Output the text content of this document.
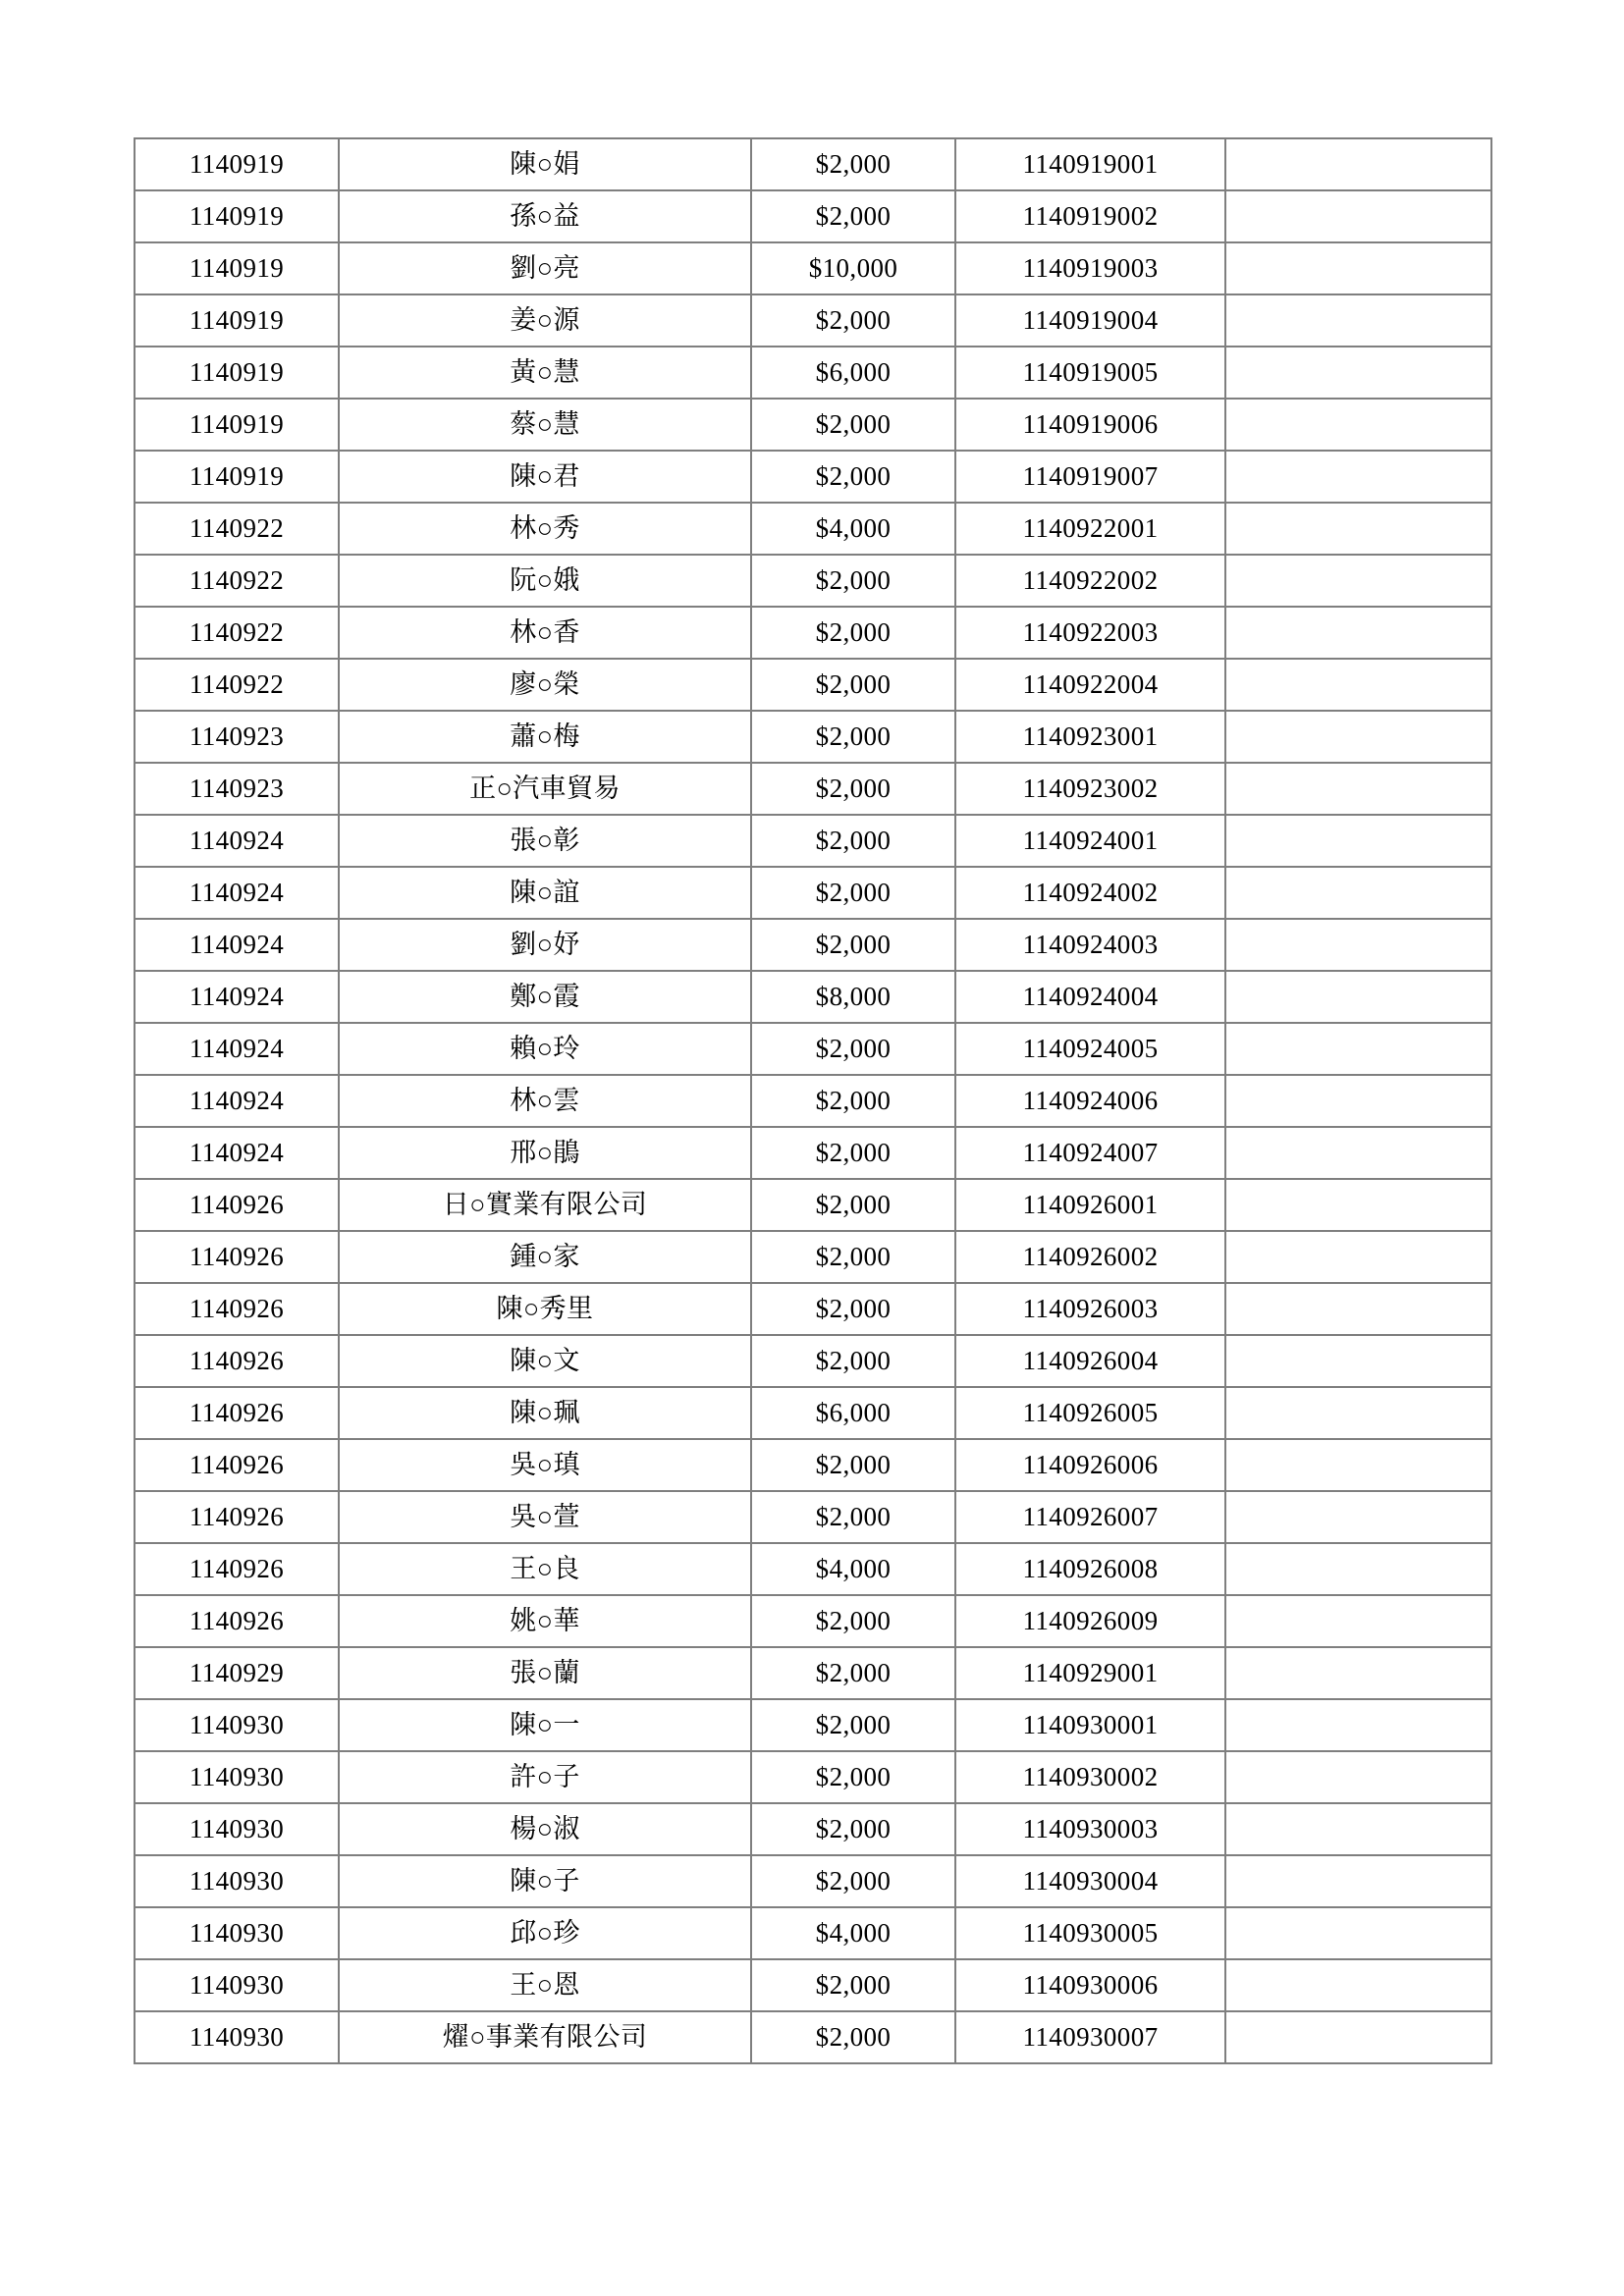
1140919	陳○娟	$2,000	1140919001	
1140919	孫○益	$2,000	1140919002	
1140919	劉○亮	$10,000	1140919003	
1140919	姜○源	$2,000	1140919004	
1140919	黃○慧	$6,000	1140919005	
1140919	蔡○慧	$2,000	1140919006	
1140919	陳○君	$2,000	1140919007	
1140922	林○秀	$4,000	1140922001	
1140922	阮○娥	$2,000	1140922002	
1140922	林○香	$2,000	1140922003	
1140922	廖○榮	$2,000	1140922004	
1140923	蕭○梅	$2,000	1140923001	
1140923	正○汽車貿易	$2,000	1140923002	
1140924	張○彰	$2,000	1140924001	
1140924	陳○誼	$2,000	1140924002	
1140924	劉○妤	$2,000	1140924003	
1140924	鄭○霞	$8,000	1140924004	
1140924	賴○玲	$2,000	1140924005	
1140924	林○雲	$2,000	1140924006	
1140924	邢○鵑	$2,000	1140924007	
1140926	日○實業有限公司	$2,000	1140926001	
1140926	鍾○家	$2,000	1140926002	
1140926	陳○秀里	$2,000	1140926003	
1140926	陳○文	$2,000	1140926004	
1140926	陳○珮	$6,000	1140926005	
1140926	吳○瑱	$2,000	1140926006	
1140926	吳○萱	$2,000	1140926007	
1140926	王○良	$4,000	1140926008	
1140926	姚○華	$2,000	1140926009	
1140929	張○蘭	$2,000	1140929001	
1140930	陳○一	$2,000	1140930001	
1140930	許○子	$2,000	1140930002	
1140930	楊○淑	$2,000	1140930003	
1140930	陳○子	$2,000	1140930004	
1140930	邱○珍	$4,000	1140930005	
1140930	王○恩	$2,000	1140930006	
1140930	燿○事業有限公司	$2,000	1140930007	
